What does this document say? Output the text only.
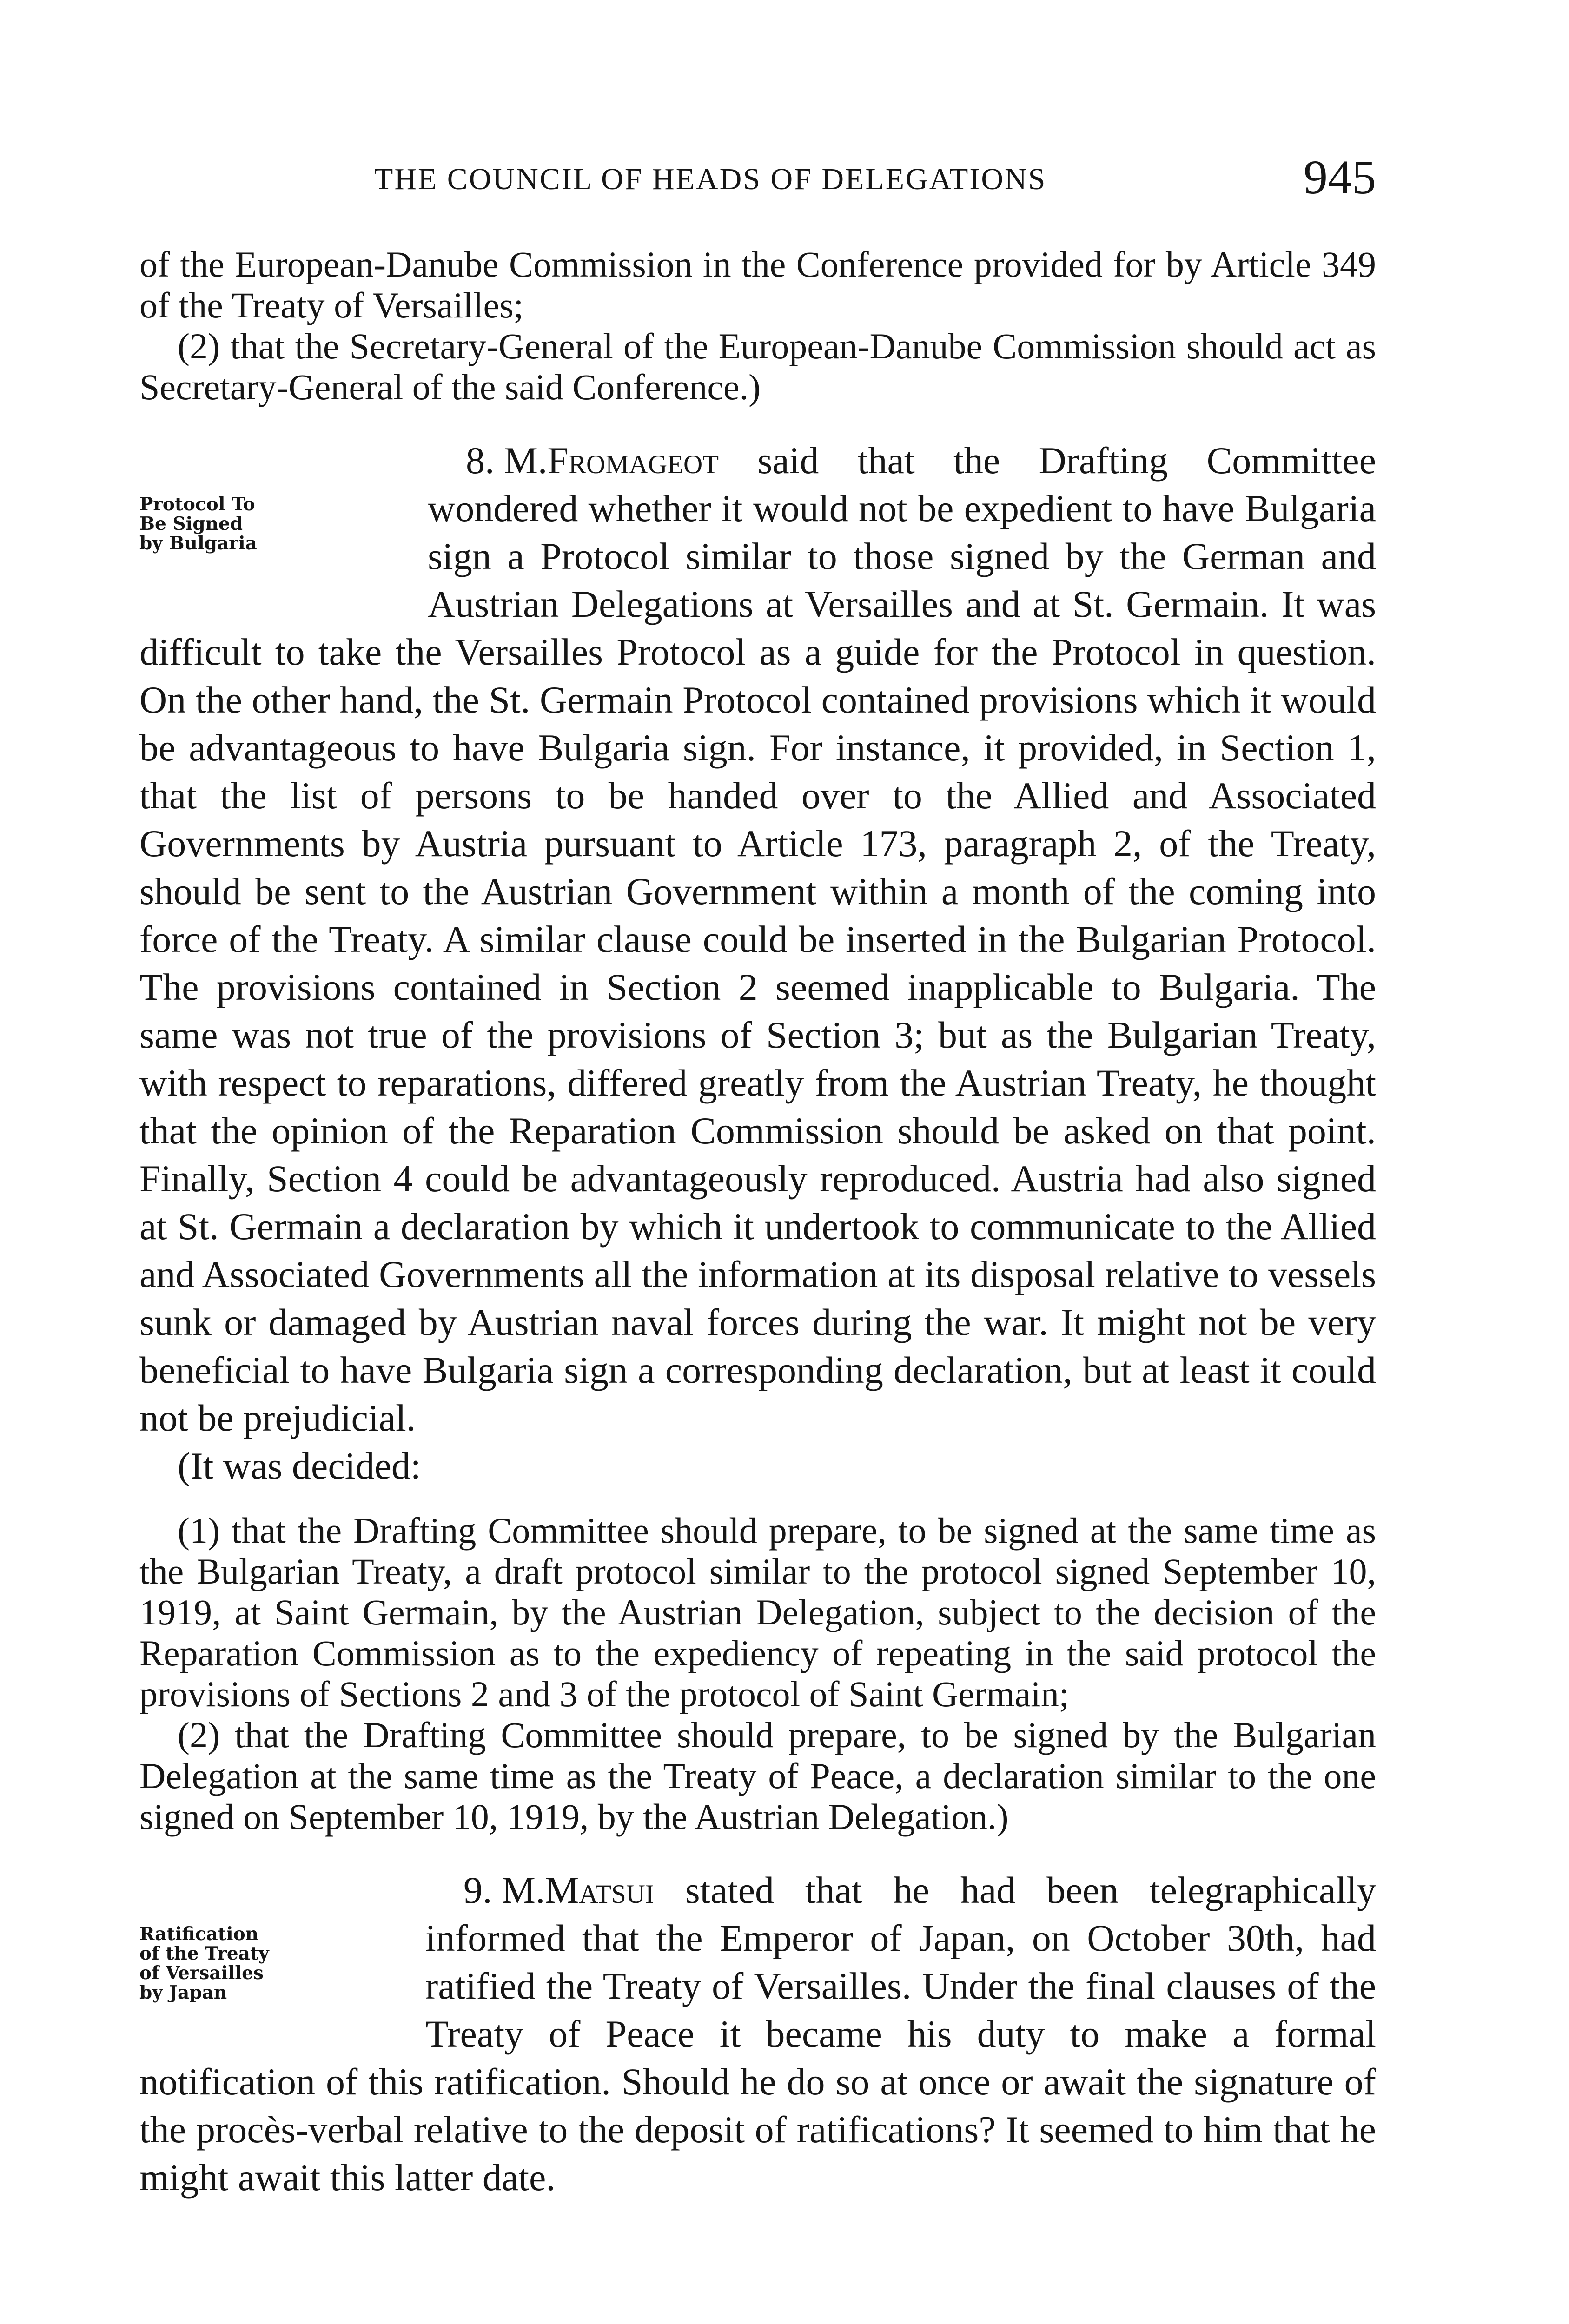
THE COUNCIL OF HEADS OF DELEGATIONS	945

of the European-Danube Commission in the Conference provided for by Article 349 of the Treaty of Versailles;

(2) that the Secretary-General of the European-Danube Commission should act as Secretary-General of the said Conference.)

Protocol To
Be Signed
by Bulgaria

8. M.Fromageot said that the Drafting Committee wondered whether it would not be expedient to have Bulgaria sign a Protocol similar to those signed by the German and Austrian Delegations at Versailles and at St. Germain. It was difficult to take the Versailles Protocol as a guide for the Protocol in question. On the other hand, the St. Germain Protocol contained provisions which it would be advantageous to have Bulgaria sign. For instance, it provided, in Section 1, that the list of persons to be handed over to the Allied and Associated Governments by Austria pursuant to Article 173, paragraph 2, of the Treaty, should be sent to the Austrian Government within a month of the coming into force of the Treaty. A similar clause could be inserted in the Bulgarian Protocol. The provisions contained in Section 2 seemed inapplicable to Bulgaria. The same was not true of the provisions of Section 3; but as the Bulgarian Treaty, with respect to reparations, differed greatly from the Austrian Treaty, he thought that the opinion of the Reparation Commission should be asked on that point. Finally, Section 4 could be advantageously reproduced. Austria had also signed at St. Germain a declaration by which it undertook to communicate to the Allied and Associated Governments all the information at its disposal relative to vessels sunk or damaged by Austrian naval forces during the war. It might not be very beneficial to have Bulgaria sign a corresponding declaration, but at least it could not be prejudicial.

(It was decided:

(1) that the Drafting Committee should prepare, to be signed at the same time as the Bulgarian Treaty, a draft protocol similar to the protocol signed September 10, 1919, at Saint Germain, by the Austrian Delegation, subject to the decision of the Reparation Commission as to the expediency of repeating in the said protocol the provisions of Sections 2 and 3 of the protocol of Saint Germain;

(2) that the Drafting Committee should prepare, to be signed by the Bulgarian Delegation at the same time as the Treaty of Peace, a declaration similar to the one signed on September 10, 1919, by the Austrian Delegation.)

Ratification
of the Treaty
of Versailles
by Japan

9. M.Matsui stated that he had been telegraphically informed that the Emperor of Japan, on October 30th, had ratified the Treaty of Versailles. Under the final clauses of the Treaty of Peace it became his duty to make a formal notification of this ratification. Should he do so at once or await the signature of the procès-verbal relative to the deposit of ratifications? It seemed to him that he might await this latter date.
